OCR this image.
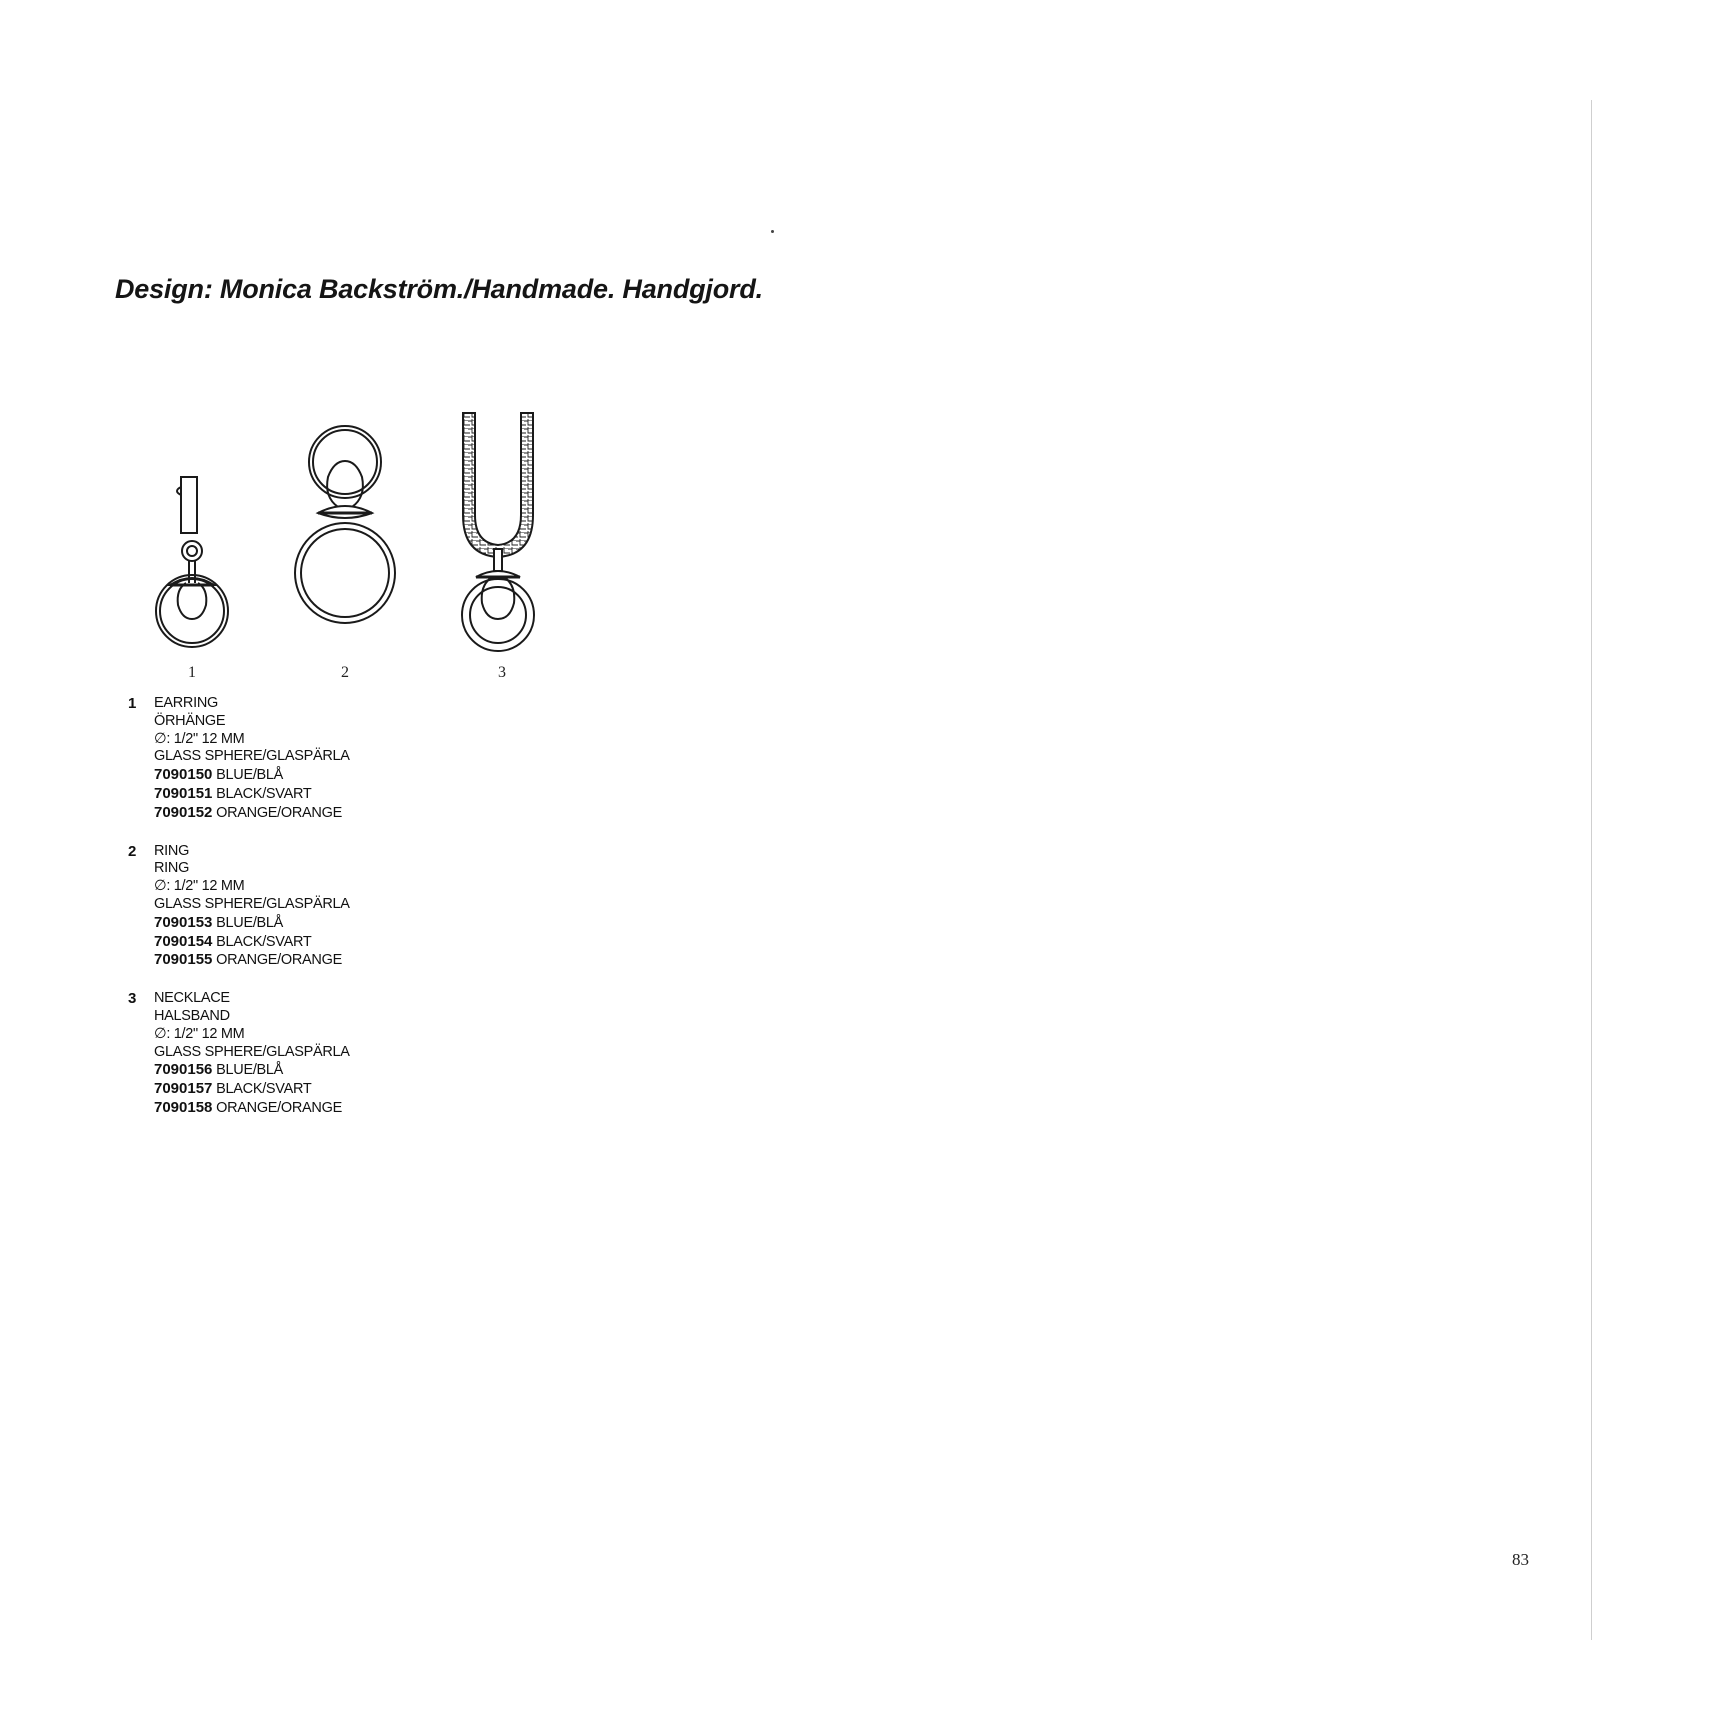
Design: Monica Backström./Handmade. Handgjord.
1	2	3
1 EARRING
ÖRHÄNGE
∅: 1/2" 12 MM
GLASS SPHERE/GLASPÄRLA
7090150 BLUE/BLÅ
7090151 BLACK/SVART
7090152 ORANGE/ORANGE
2 RING
RING
∅: 1/2" 12 MM
GLASS SPHERE/GLASPÄRLA
7090153 BLUE/BLÅ
7090154 BLACK/SVART
7090155 ORANGE/ORANGE
3 NECKLACE
HALSBAND
∅: 1/2" 12 MM
GLASS SPHERE/GLASPÄRLA
7090156 BLUE/BLÅ
7090157 BLACK/SVART
7090158 ORANGE/ORANGE
83
